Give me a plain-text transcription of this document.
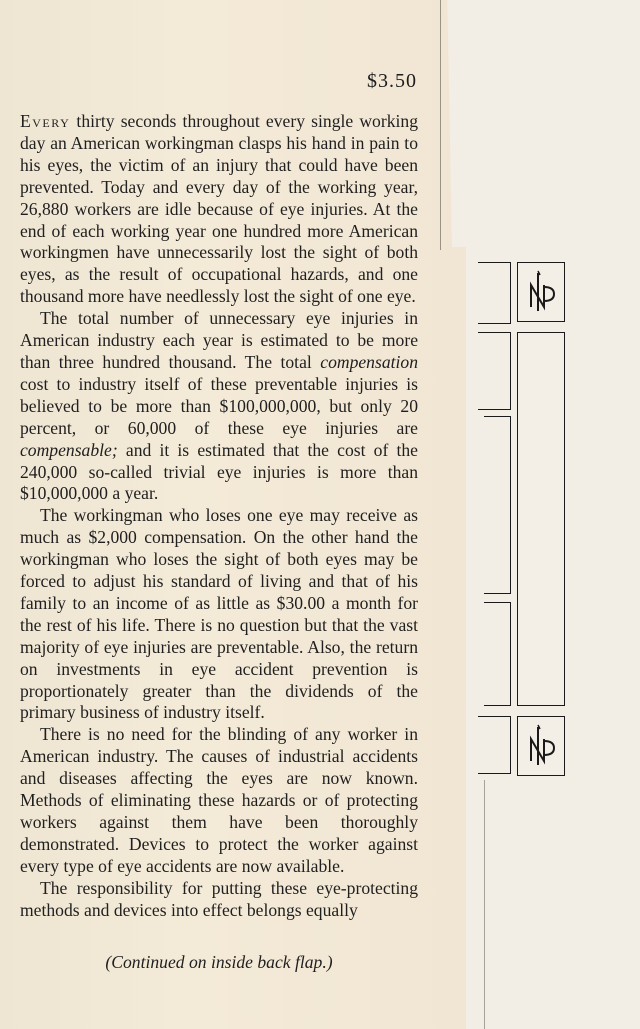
$3.50

Every thirty seconds throughout every single working day an American workingman clasps his hand in pain to his eyes, the victim of an injury that could have been prevented. Today and every day of the working year, 26,880 workers are idle because of eye injuries. At the end of each working year one hundred more American workingmen have unnecessarily lost the sight of both eyes, as the result of occupational hazards, and one thousand more have needlessly lost the sight of one eye.

The total number of unnecessary eye injuries in American industry each year is estimated to be more than three hundred thousand. The total compensation cost to industry itself of these preventable injuries is believed to be more than $100,000,000, but only 20 percent, or 60,000 of these eye injuries are compensable; and it is estimated that the cost of the 240,000 so-called trivial eye injuries is more than $10,000,000 a year.

The workingman who loses one eye may receive as much as $2,000 compensation. On the other hand the workingman who loses the sight of both eyes may be forced to adjust his standard of living and that of his family to an income of as little as $30.00 a month for the rest of his life. There is no question but that the vast majority of eye injuries are preventable. Also, the return on investments in eye accident prevention is proportionately greater than the dividends of the primary business of industry itself.

There is no need for the blinding of any worker in American industry. The causes of industrial accidents and diseases affecting the eyes are now known. Methods of eliminating these hazards or of protecting workers against them have been thoroughly demonstrated. Devices to protect the worker against every type of eye accidents are now available.

The responsibility for putting these eye-protecting methods and devices into effect belongs equally

(Continued on inside back flap.)
